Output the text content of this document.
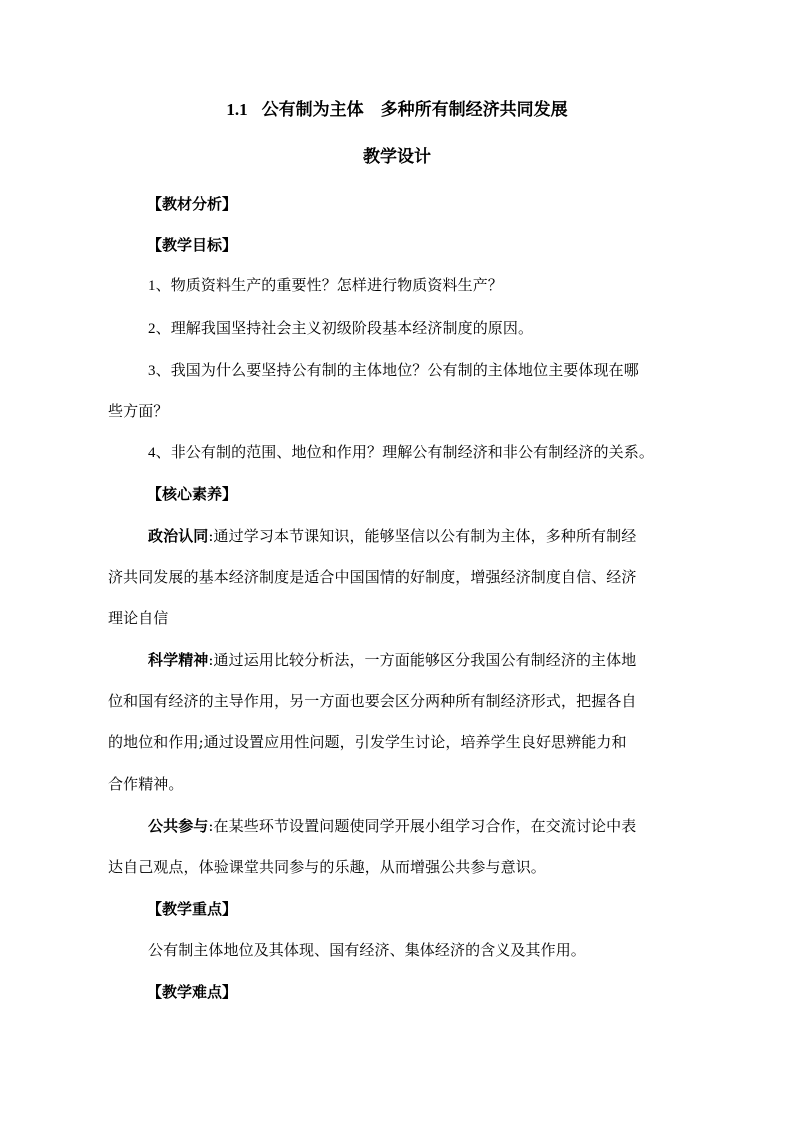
1.1 公有制为主体 多种所有制经济共同发展
教学设计
【教材分析】
【教学目标】
1、物质资料生产的重要性？怎样进行物质资料生产？
2、理解我国坚持社会主义初级阶段基本经济制度的原因。
3、我国为什么要坚持公有制的主体地位？公有制的主体地位主要体现在哪
些方面？
4、非公有制的范围、地位和作用？理解公有制经济和非公有制经济的关系。
【核心素养】
政治认同:通过学习本节课知识，能够坚信以公有制为主体，多种所有制经
济共同发展的基本经济制度是适合中国国情的好制度，增强经济制度自信、经济
理论自信
科学精神:通过运用比较分析法，一方面能够区分我国公有制经济的主体地
位和国有经济的主导作用，另一方面也要会区分两种所有制经济形式，把握各自
的地位和作用;通过设置应用性问题，引发学生讨论，培养学生良好思辨能力和
合作精神。
公共参与:在某些环节设置问题使同学开展小组学习合作，在交流讨论中表
达自己观点，体验课堂共同参与的乐趣，从而增强公共参与意识。
【教学重点】
公有制主体地位及其体现、国有经济、集体经济的含义及其作用。
【教学难点】
